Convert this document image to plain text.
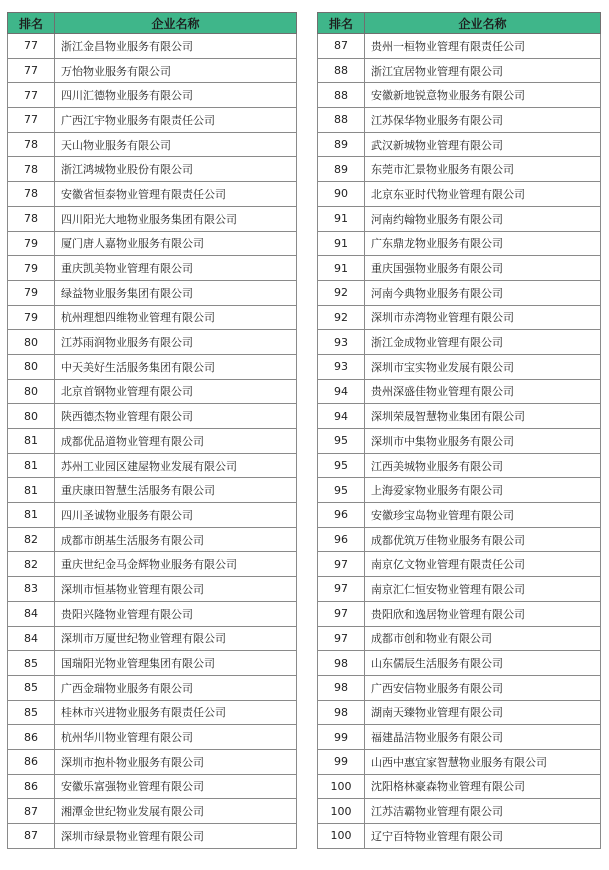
排名	企业名称
77	浙江金昌物业服务有限公司
77	万怡物业服务有限公司
77	四川汇德物业服务有限公司
77	广西江宇物业服务有限责任公司
78	天山物业服务有限公司
78	浙江鸿城物业股份有限公司
78	安徽省恒泰物业管理有限责任公司
78	四川阳光大地物业服务集团有限公司
79	厦门唐人嘉物业服务有限公司
79	重庆凯美物业管理有限公司
79	绿益物业服务集团有限公司
79	杭州理想四维物业管理有限公司
80	江苏雨润物业服务有限公司
80	中天美好生活服务集团有限公司
80	北京首钢物业管理有限公司
80	陕西德杰物业管理有限公司
81	成都优品道物业管理有限公司
81	苏州工业园区建屋物业发展有限公司
81	重庆康田智慧生活服务有限公司
81	四川圣诚物业服务有限公司
82	成都市朗基生活服务有限公司
82	重庆世纪金马金辉物业服务有限公司
83	深圳市恒基物业管理有限公司
84	贵阳兴隆物业管理有限公司
84	深圳市万厦世纪物业管理有限公司
85	国瑞阳光物业管理集团有限公司
85	广西金瑞物业服务有限公司
85	桂林市兴进物业服务有限责任公司
86	杭州华川物业管理有限公司
86	深圳市抱朴物业服务有限公司
86	安徽乐富强物业管理有限公司
87	湘潭金世纪物业发展有限公司
87	深圳市绿景物业管理有限公司
排名	企业名称
87	贵州一桓物业管理有限责任公司
88	浙江宜居物业管理有限公司
88	安徽新地锐意物业服务有限公司
88	江苏保华物业服务有限公司
89	武汉新城物业管理有限公司
89	东莞市汇景物业服务有限公司
90	北京东亚时代物业管理有限公司
91	河南约翰物业服务有限公司
91	广东鼎龙物业服务有限公司
91	重庆国强物业服务有限公司
92	河南今典物业服务有限公司
92	深圳市赤湾物业管理有限公司
93	浙江金成物业管理有限公司
93	深圳市宝实物业发展有限公司
94	贵州深盛佳物业管理有限公司
94	深圳荣晟智慧物业集团有限公司
95	深圳市中集物业服务有限公司
95	江西美城物业服务有限公司
95	上海爱家物业服务有限公司
96	安徽珍宝岛物业管理有限公司
96	成都优筑万佳物业服务有限公司
97	南京亿文物业管理有限责任公司
97	南京汇仁恒安物业管理有限公司
97	贵阳欣和逸居物业管理有限公司
97	成都市创和物业有限公司
98	山东儒辰生活服务有限公司
98	广西安信物业服务有限公司
98	湖南天臻物业管理有限公司
99	福建晶洁物业服务有限公司
99	山西中惠宜家智慧物业服务有限公司
100	沈阳格林豪森物业管理有限公司
100	江苏洁霸物业管理有限公司
100	辽宁百特物业管理有限公司
